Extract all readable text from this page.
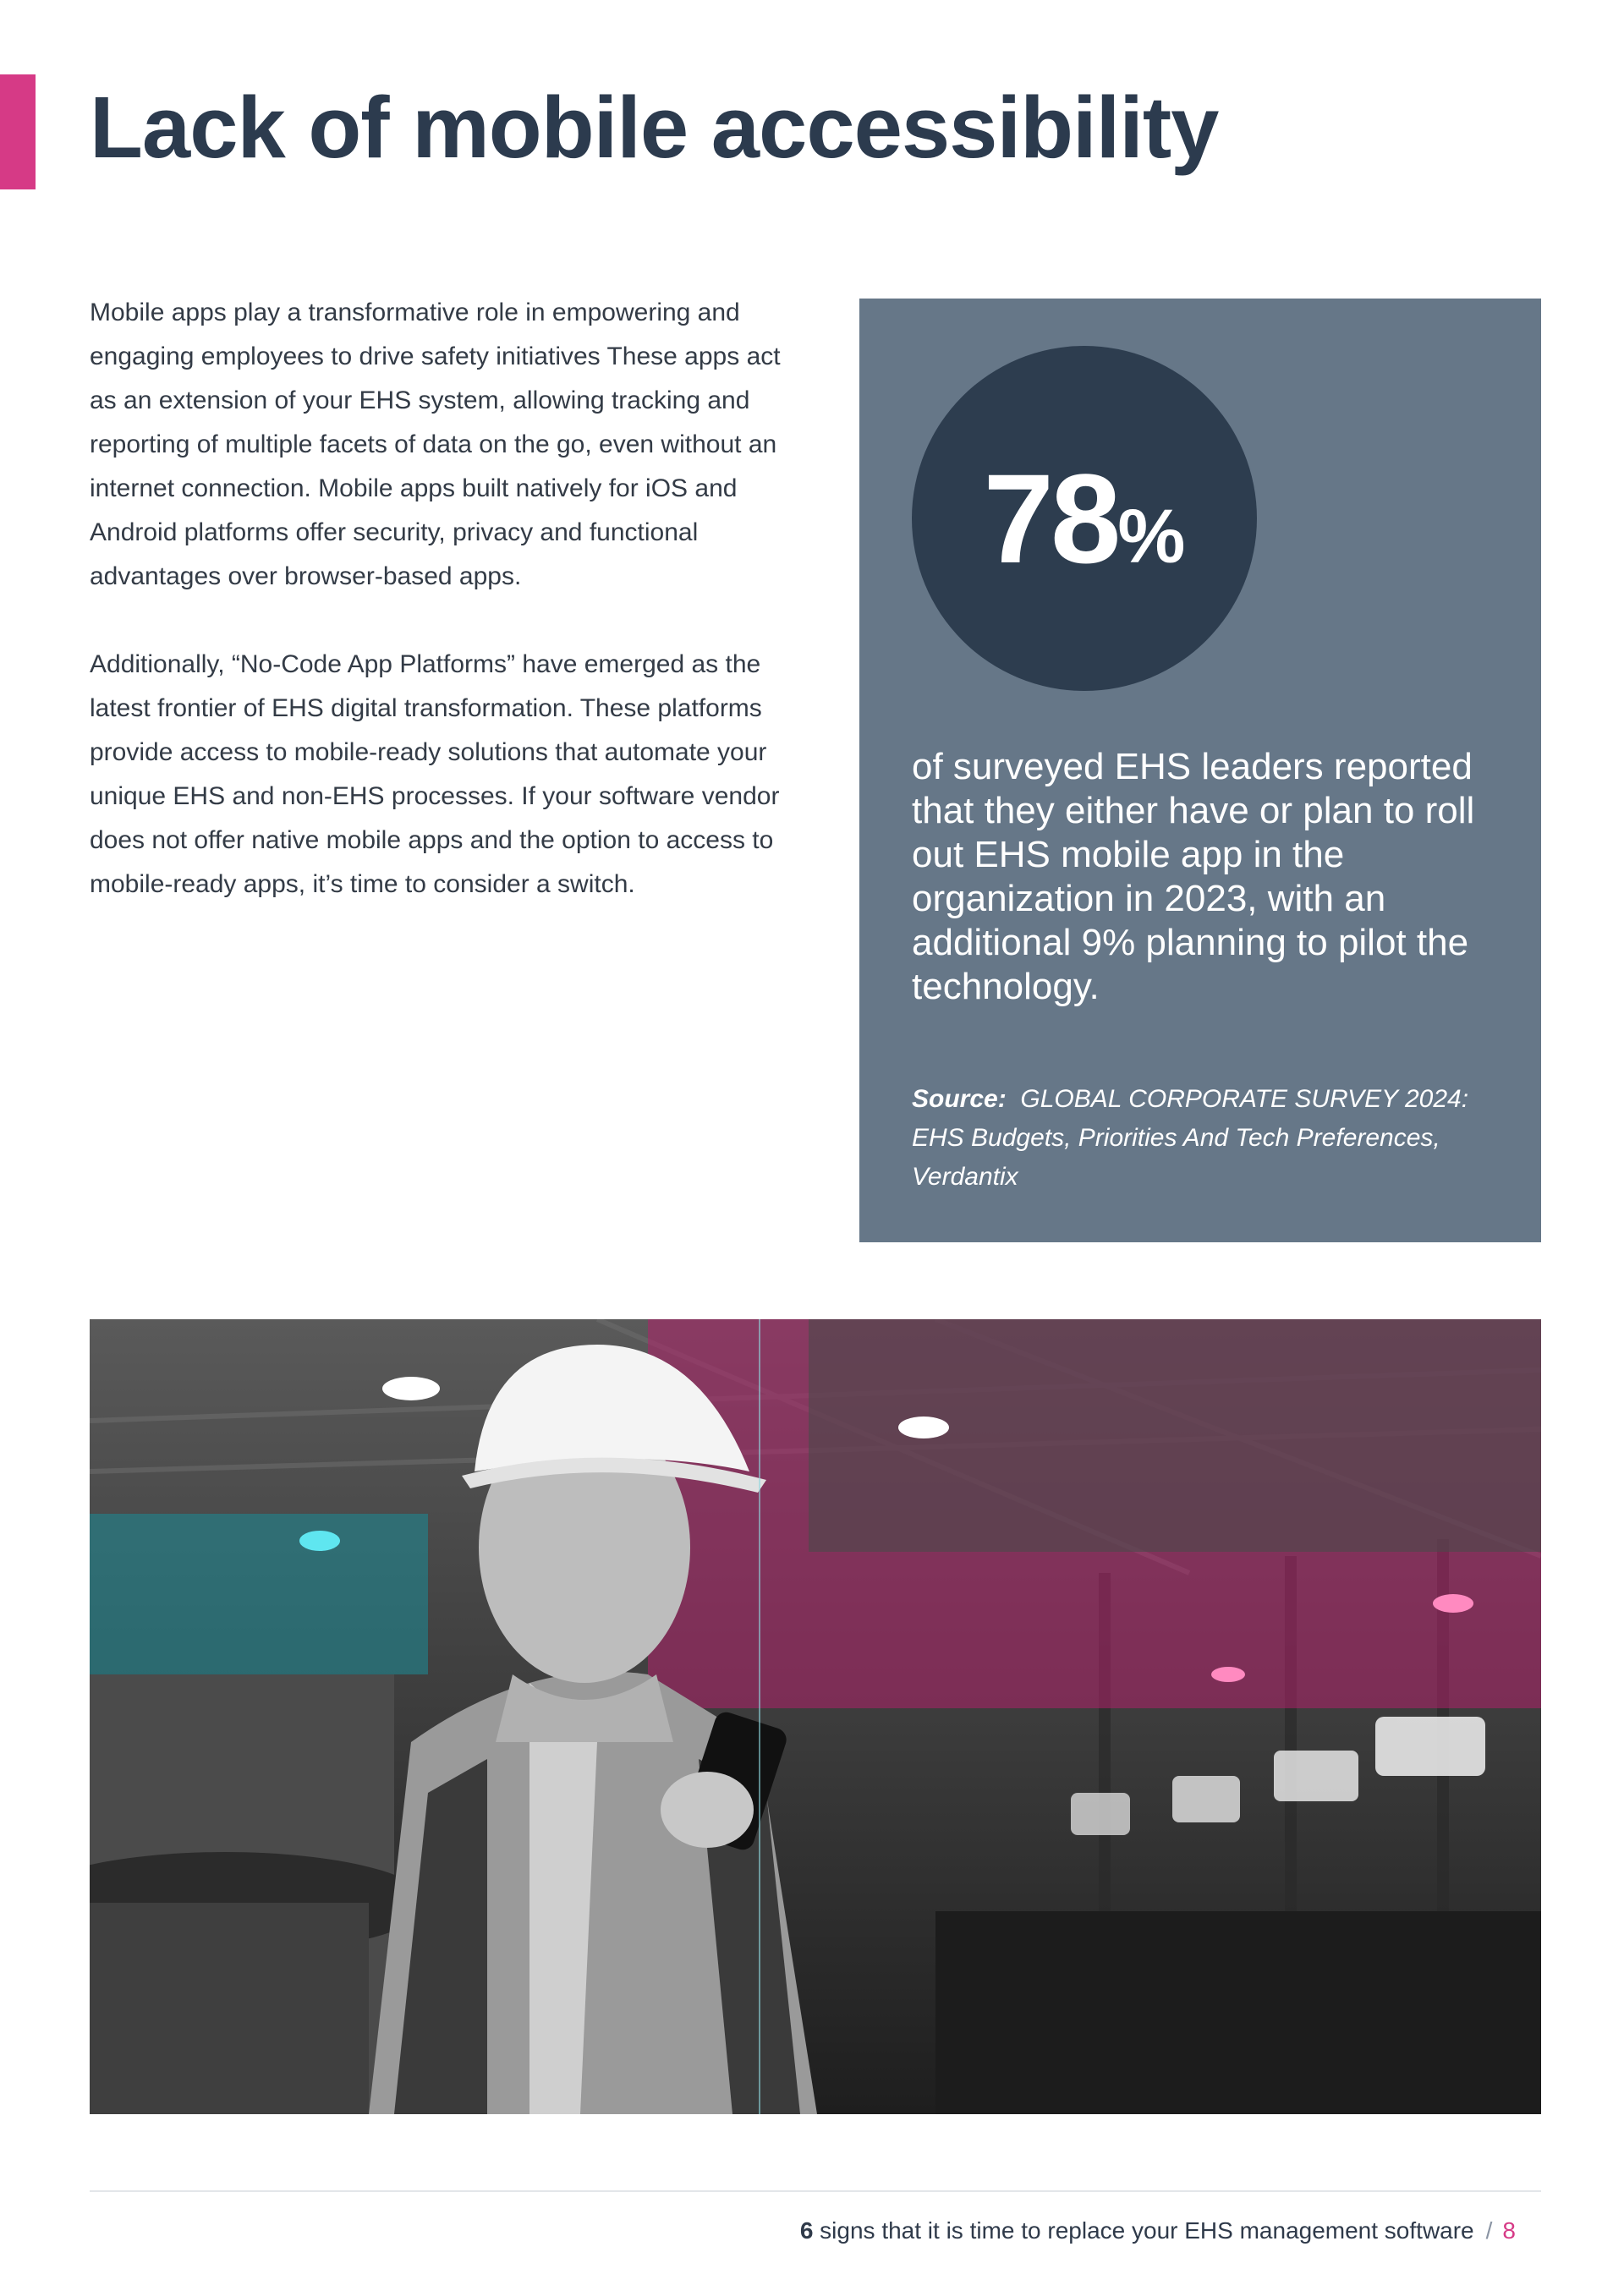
Lack of mobile accessibility

Mobile apps play a transformative role in empowering and engaging employees to drive safety initiatives These apps act as an extension of your EHS system, allowing tracking and reporting of multiple facets of data on the go, even without an internet connection. Mobile apps built natively for iOS and Android platforms offer security, privacy and functional advantages over browser-based apps.

Additionally, “No-Code App Platforms” have emerged as the latest frontier of EHS digital transformation. These platforms provide access to mobile-ready solutions that automate your unique EHS and non-EHS processes. If your software vendor does not offer native mobile apps and the option to access to mobile-ready apps, it’s time to consider a switch.

78%

of surveyed EHS leaders reported that they either have or plan to roll out EHS mobile app in the organization in 2023, with an additional 9% planning to pilot the technology.

Source: GLOBAL CORPORATE SURVEY 2024: EHS Budgets, Priorities And Tech Preferences, Verdantix

6 signs that it is time to replace your EHS management software / 8
